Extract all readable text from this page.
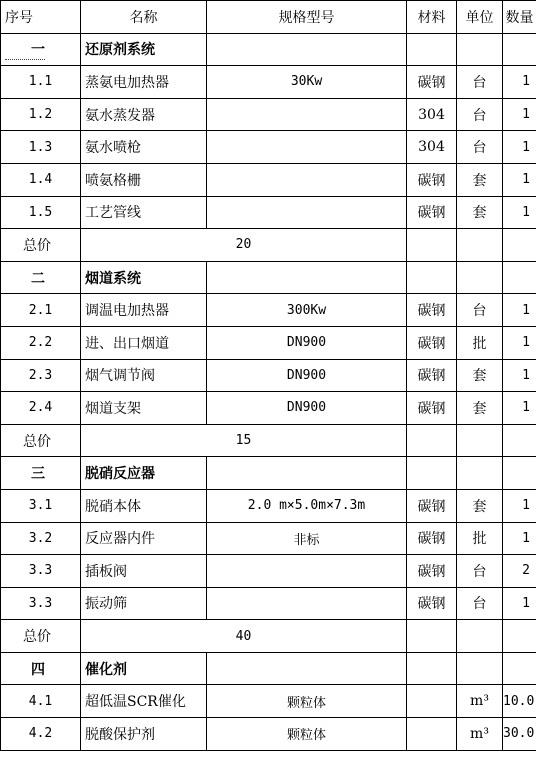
序号	名称	规格型号	材料	单位	数量
一	还原剂系统				
1.1	蒸氨电加热器	30Kw	碳钢	台	1
1.2	氨水蒸发器		304	台	1
1.3	氨水喷枪		304	台	1
1.4	喷氨格栅		碳钢	套	1
1.5	工艺管线		碳钢	套	1
总价	20				
二	烟道系统				
2.1	调温电加热器	300Kw	碳钢	台	1
2.2	进、出口烟道	DN900	碳钢	批	1
2.3	烟气调节阀	DN900	碳钢	套	1
2.4	烟道支架	DN900	碳钢	套	1
总价	15				
三	脱硝反应器				
3.1	脱硝本体	2.0 m×5.0m×7.3m	碳钢	套	1
3.2	反应器内件	非标	碳钢	批	1
3.3	插板阀		碳钢	台	2
3.3	振动筛		碳钢	台	1
总价	40				
四	催化剂				
4.1	超低温SCR催化	颗粒体		m³	10.0
4.2	脱酸保护剂	颗粒体		m³	30.0
